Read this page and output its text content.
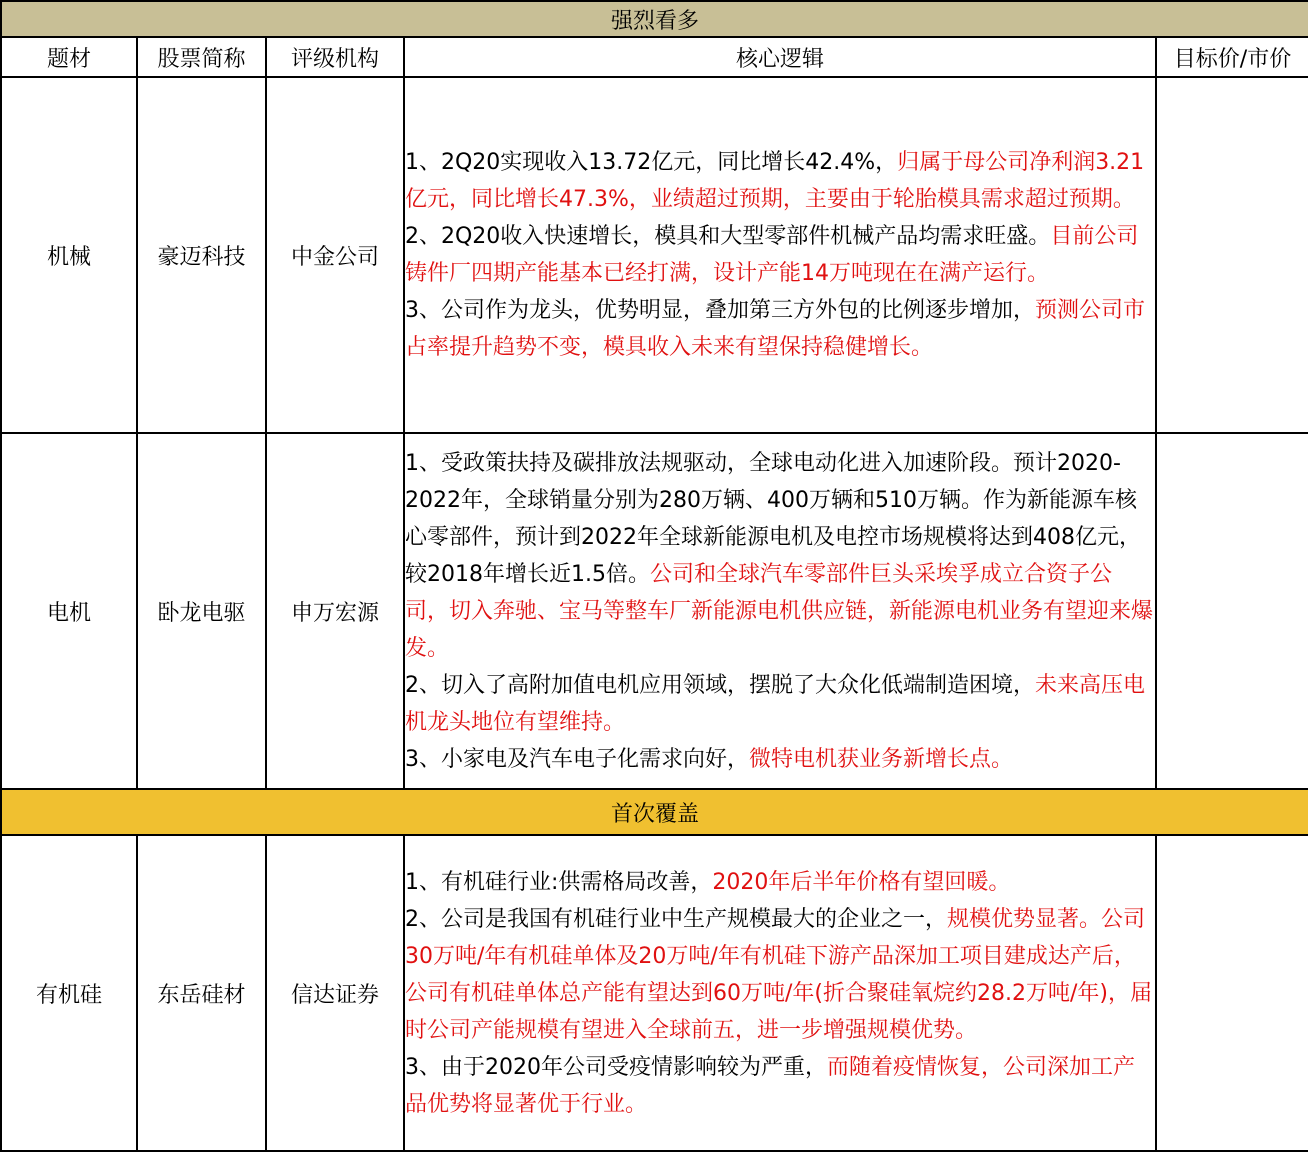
强烈看多				
题材	股票简称	评级机构	核心逻辑	目标价/市价
机械	豪迈科技	中金公司	1、2Q20实现收入13.72亿元，同比增长42.4%，归属于母公司净利润3.21亿元，同比增长47.3%，业绩超过预期，主要由于轮胎模具需求超过预期。

2、2Q20收入快速增长，模具和大型零部件机械产品均需求旺盛。目前公司铸件厂四期产能基本已经打满，设计产能14万吨现在在满产运行。

3、公司作为龙头，优势明显，叠加第三方外包的比例逐步增加，预测公司市占率提升趋势不变，模具收入未来有望保持稳健增长。	

电机	卧龙电驱	申万宏源	1、受政策扶持及碳排放法规驱动，全球电动化进入加速阶段。预计2020-2022年，全球销量分别为280万辆、400万辆和510万辆。作为新能源车核心零部件，预计到2022年全球新能源电机及电控市场规模将达到408亿元，较2018年增长近1.5倍。公司和全球汽车零部件巨头采埃孚成立合资子公司，切入奔驰、宝马等整车厂新能源电机供应链，新能源电机业务有望迎来爆发。

2、切入了高附加值电机应用领域，摆脱了大众化低端制造困境，未来高压电机龙头地位有望维持。

3、小家电及汽车电子化需求向好，微特电机获业务新增长点。	

首次覆盖				
有机硅	东岳硅材	信达证券	1、有机硅行业:供需格局改善，2020年后半年价格有望回暖。

2、公司是我国有机硅行业中生产规模最大的企业之一，规模优势显著。公司30万吨/年有机硅单体及20万吨/年有机硅下游产品深加工项目建成达产后，公司有机硅单体总产能有望达到60万吨/年(折合聚硅氧烷约28.2万吨/年)，届时公司产能规模有望进入全球前五，进一步增强规模优势。

3、由于2020年公司受疫情影响较为严重，而随着疫情恢复，公司深加工产品优势将显著优于行业。	
